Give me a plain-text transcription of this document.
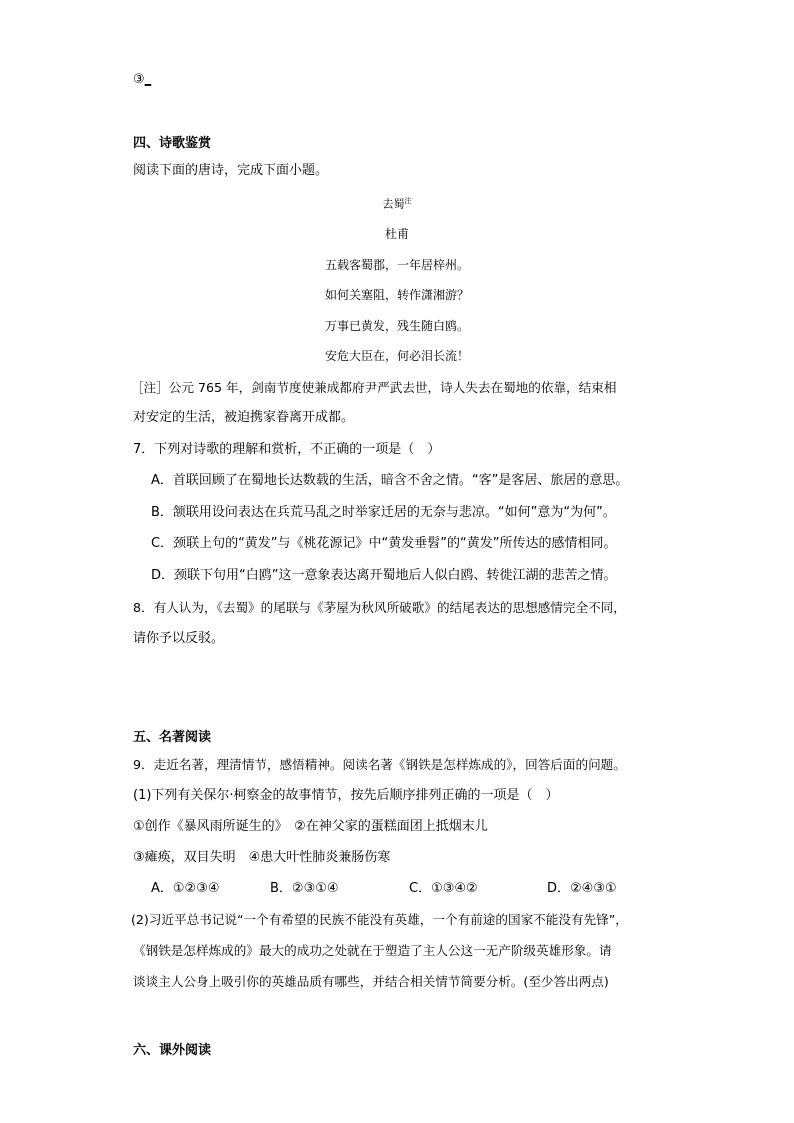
③_
四、诗歌鉴赏
阅读下面的唐诗，完成下面小题。
去蜀$^注$
杜甫
五载客蜀郡，一年居梓州。
如何关塞阻，转作潇湘游？
万事已黄发，残生随白鸥。
安危大臣在，何必泪长流！
［注］公元 765 年，剑南节度使兼成都府尹严武去世，诗人失去在蜀地的依靠，结束相
对安定的生活，被迫携家眷离开成都。
7．下列对诗歌的理解和赏析，不正确的一项是（　）
A．首联回顾了在蜀地长达数载的生活，暗含不舍之情。“客”是客居、旅居的意思。
B．颔联用设问表达在兵荒马乱之时举家迁居的无奈与悲凉。“如何”意为“为何”。
C．颈联上句的“黄发”与《桃花源记》中“黄发垂髫”的“黄发”所传达的感情相同。
D．颈联下句用“白鸥”这一意象表达离开蜀地后人似白鸥、转徙江湖的悲苦之情。
8．有人认为，《去蜀》的尾联与《茅屋为秋风所破歌》的结尾表达的思想感情完全不同，
请你予以反驳。
五、名著阅读
9．走近名著，理清情节，感悟精神。阅读名著《钢铁是怎样炼成的》，回答后面的问题。
(1)下列有关保尔·柯察金的故事情节，按先后顺序排列正确的一项是（　）
①创作《暴风雨所诞生的》　②在神父家的蛋糕面团上抵烟末儿
③瘫痪，双目失明　④患大叶性肺炎兼肠伤寒
A．①②③④	B．②③①④	C．①③④②	D．②④③①
(2)习近平总书记说“一个有希望的民族不能没有英雄，一个有前途的国家不能没有先锋”，
《钢铁是怎样炼成的》最大的成功之处就在于塑造了主人公这一无产阶级英雄形象。请
谈谈主人公身上吸引你的英雄品质有哪些，并结合相关情节简要分析。(至少答出两点)
六、课外阅读
